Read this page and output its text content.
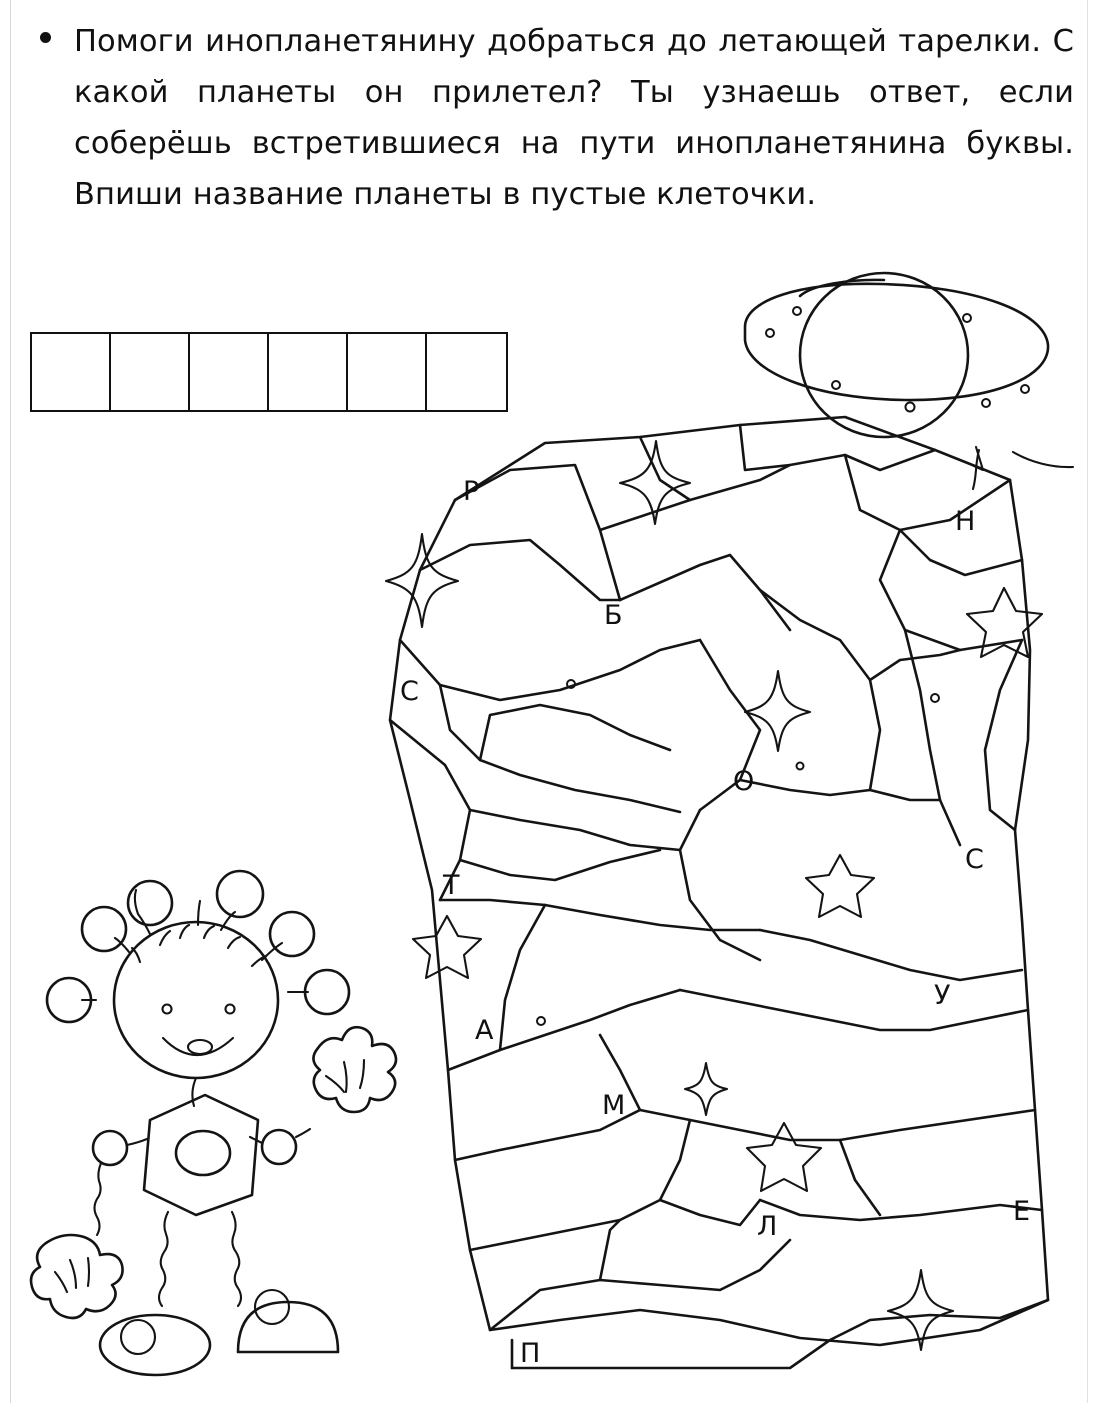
Помоги инопланетянину добраться до летающей тарелки. С какой планеты он прилетел? Ты узнаешь ответ, если соберёшь встретившиеся на пути инопланетянина буквы. Впиши название планеты в пустые клеточки.
Р
Н
Б
С
О
С
Т
У
А
М
Л	Е
П
